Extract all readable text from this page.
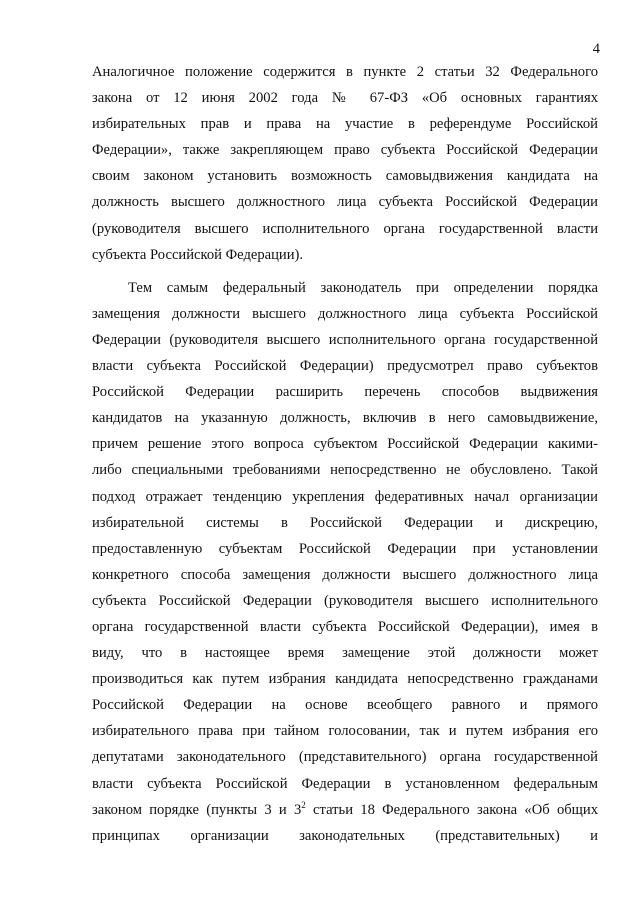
4
Аналогичное положение содержится в пункте 2 статьи 32 Федерального
закона от 12 июня 2002 года № 67-ФЗ «Об основных гарантиях
избирательных прав и права на участие в референдуме Российской
Федерации», также закрепляющем право субъекта Российской Федерации
своим законом установить возможность самовыдвижения кандидата на
должность высшего должностного лица субъекта Российской Федерации
(руководителя высшего исполнительного органа государственной власти
субъекта Российской Федерации).
Тем самым федеральный законодатель при определении порядка
замещения должности высшего должностного лица субъекта Российской
Федерации (руководителя высшего исполнительного органа государственной
власти субъекта Российской Федерации) предусмотрел право субъектов
Российской Федерации расширить перечень способов выдвижения
кандидатов на указанную должность, включив в него самовыдвижение,
причем решение этого вопроса субъектом Российской Федерации какими-
либо специальными требованиями непосредственно не обусловлено. Такой
подход отражает тенденцию укрепления федеративных начал организации
избирательной системы в Российской Федерации и дискрецию,
предоставленную субъектам Российской Федерации при установлении
конкретного способа замещения должности высшего должностного лица
субъекта Российской Федерации (руководителя высшего исполнительного
органа государственной власти субъекта Российской Федерации), имея в
виду, что в настоящее время замещение этой должности может
производиться как путем избрания кандидата непосредственно гражданами
Российской Федерации на основе всеобщего равного и прямого
избирательного права при тайном голосовании, так и путем избрания его
депутатами законодательного (представительного) органа государственной
власти субъекта Российской Федерации в установленном федеральным
законом порядке (пункты 3 и $3^2$ статьи 18 Федерального закона «Об общих
принципах организации законодательных (представительных) и
